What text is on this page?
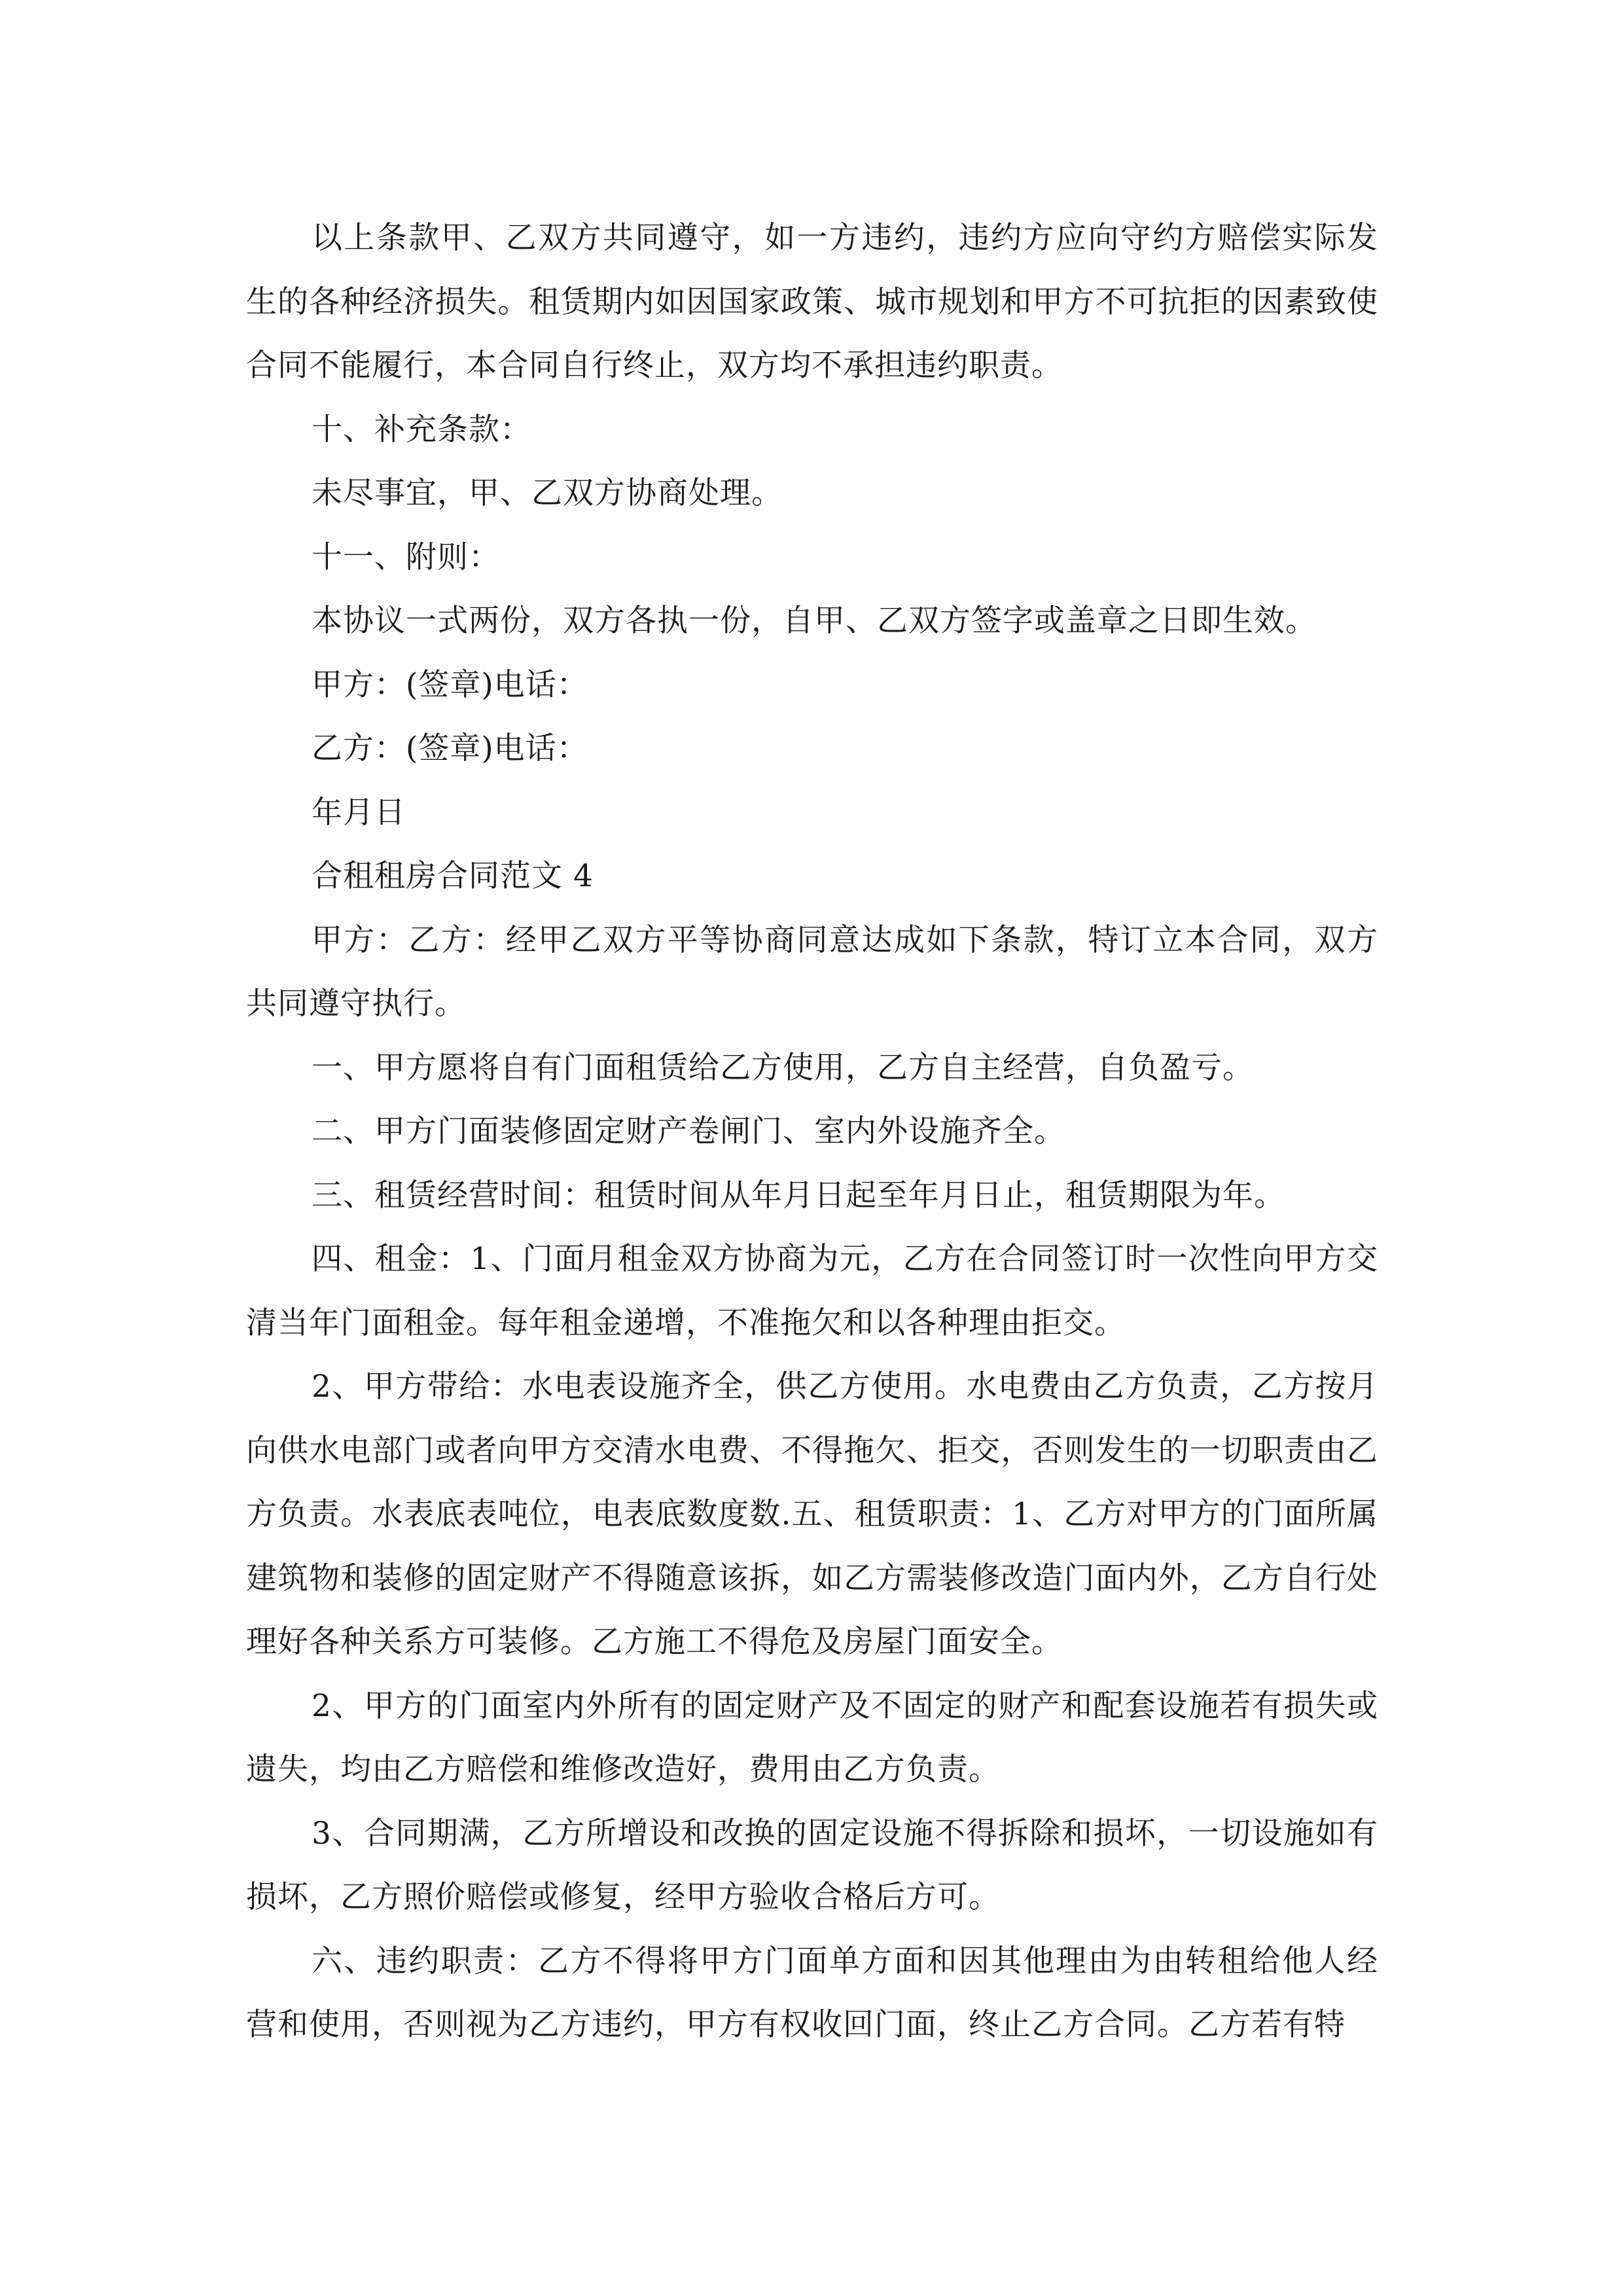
以上条款甲、乙双方共同遵守，如一方违约，违约方应向守约方赔偿实际发生的各种经济损失。租赁期内如因国家政策、城市规划和甲方不可抗拒的因素致使合同不能履行，本合同自行终止，双方均不承担违约职责。

十、补充条款：

未尽事宜，甲、乙双方协商处理。

十一、附则：

本协议一式两份，双方各执一份，自甲、乙双方签字或盖章之日即生效。

甲方：(签章)电话：

乙方：(签章)电话：

年月日

合租租房合同范文 4

甲方：乙方：经甲乙双方平等协商同意达成如下条款，特订立本合同，双方共同遵守执行。

一、甲方愿将自有门面租赁给乙方使用，乙方自主经营，自负盈亏。

二、甲方门面装修固定财产卷闸门、室内外设施齐全。

三、租赁经营时间：租赁时间从年月日起至年月日止，租赁期限为年。

四、租金：1、门面月租金双方协商为元，乙方在合同签订时一次性向甲方交清当年门面租金。每年租金递增，不准拖欠和以各种理由拒交。

2、甲方带给：水电表设施齐全，供乙方使用。水电费由乙方负责，乙方按月向供水电部门或者向甲方交清水电费、不得拖欠、拒交，否则发生的一切职责由乙方负责。水表底表吨位，电表底数度数.五、租赁职责：1、乙方对甲方的门面所属建筑物和装修的固定财产不得随意该拆，如乙方需装修改造门面内外，乙方自行处理好各种关系方可装修。乙方施工不得危及房屋门面安全。

2、甲方的门面室内外所有的固定财产及不固定的财产和配套设施若有损失或遗失，均由乙方赔偿和维修改造好，费用由乙方负责。

3、合同期满，乙方所增设和改换的固定设施不得拆除和损坏，一切设施如有损坏，乙方照价赔偿或修复，经甲方验收合格后方可。

六、违约职责：乙方不得将甲方门面单方面和因其他理由为由转租给他人经营和使用，否则视为乙方违约，甲方有权收回门面，终止乙方合同。乙方若有特
